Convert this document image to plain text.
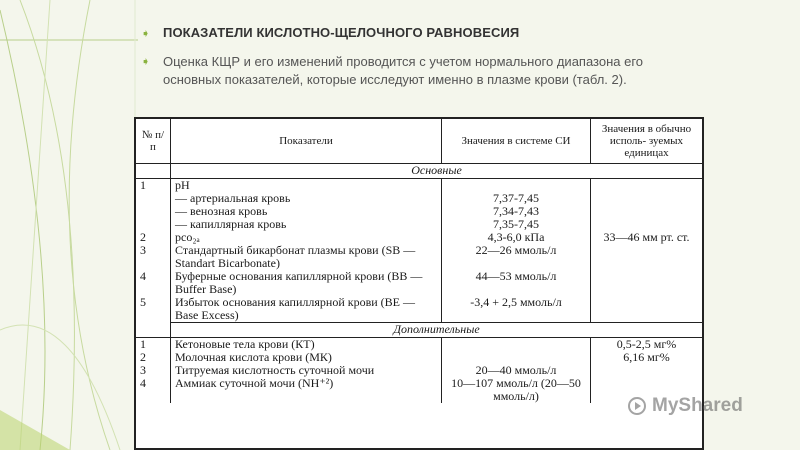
➧ ПОКАЗАТЕЛИ КИСЛОТНО-ЩЕЛОЧНОГО РАВНОВЕСИЯ
➧ Оценка КЩР и его изменений проводится с учетом нормального диапазона его основных показателей, которые исследуют именно в плазме крови (табл. 2).
№ п/п	Показатели	Значения в системе СИ	Значения в обычно исполь- зуемых единицах
	Основные		
1	pH		
	— артериальная кровь	7,37-7,45	
	— венозная кровь	7,34-7,43	
	— капиллярная кровь	7,35-7,45	
2	pco₂ₐ	4,3-6,0 кПа	33—46 мм рт. ст.
3	Стандартный бикарбонат плазмы крови (SB — Standart Bicarbonate)	22—26 ммоль/л	
4	Буферные основания капиллярной крови (BB — Buffer Base)	44—53 ммоль/л	
5	Избыток основания капиллярной крови (BE — Base Excess)	-3,4 + 2,5 ммоль/л	
	Дополнительные		
1	Кетоновые тела крови (КТ)		0,5-2,5 мг%
2	Молочная кислота крови (МК)		6,16 мг%
3	Титруемая кислотность суточной мочи	20—40 ммоль/л	
4	Аммиак суточной мочи (NH⁺²)	10—107 ммоль/л (20—50 ммоль/л)		MyShared
